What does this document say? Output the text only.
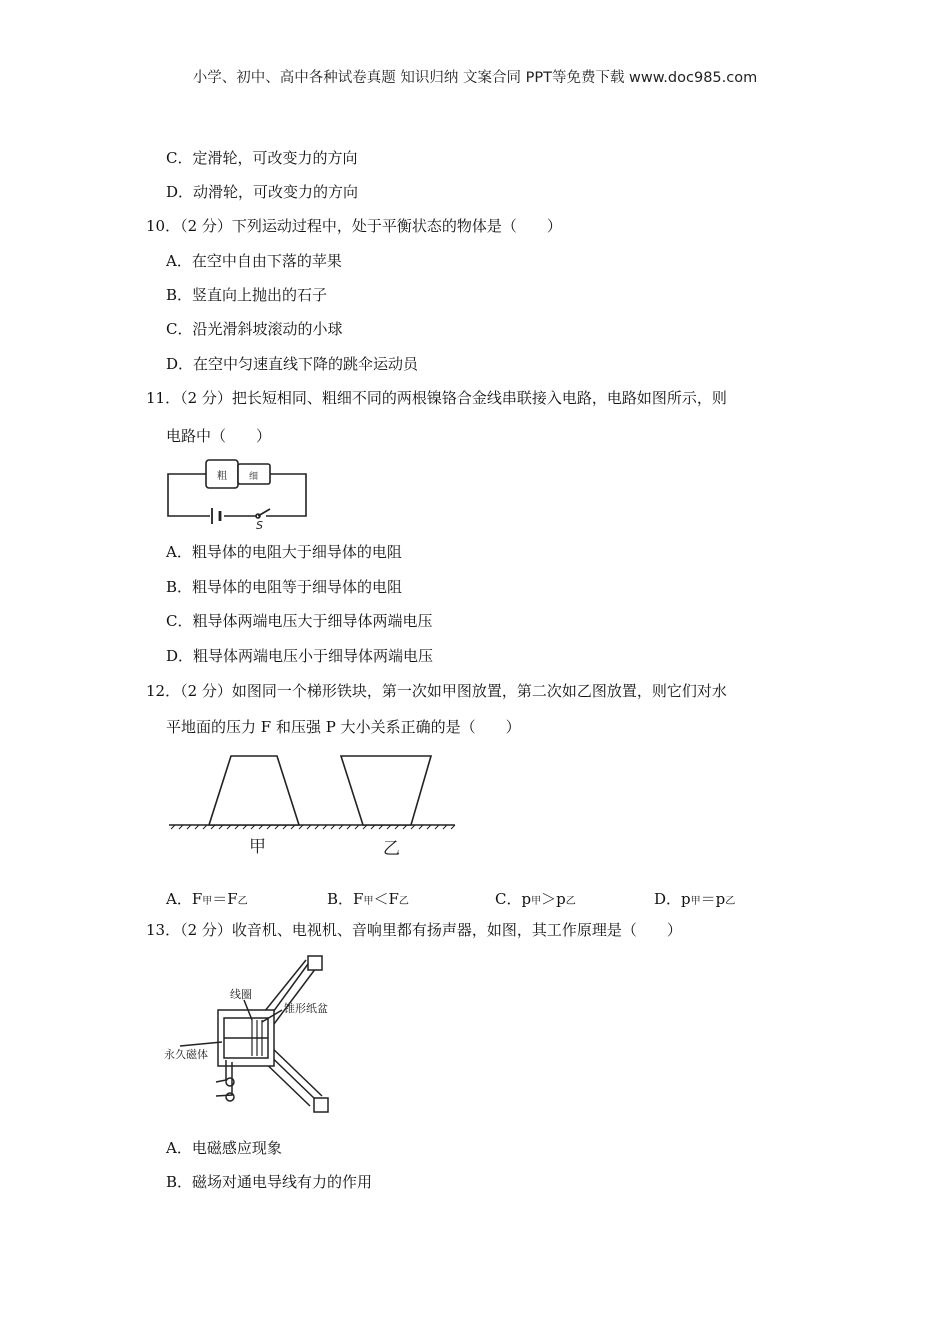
小学、初中、高中各种试卷真题 知识归纳 文案合同 PPT等免费下载 www.doc985.com
C．定滑轮，可改变力的方向
D．动滑轮，可改变力的方向
10．（2 分）下列运动过程中，处于平衡状态的物体是（　　）
A．在空中自由下落的苹果
B．竖直向上抛出的石子
C．沿光滑斜坡滚动的小球
D．在空中匀速直线下降的跳伞运动员
11．（2 分）把长短相同、粗细不同的两根镍铬合金线串联接入电路，电路如图所示，则
电路中（　　）
粗 细
S
A．粗导体的电阻大于细导体的电阻
B．粗导体的电阻等于细导体的电阻
C．粗导体两端电压大于细导体两端电压
D．粗导体两端电压小于细导体两端电压
12．（2 分）如图同一个梯形铁块，第一次如甲图放置，第二次如乙图放置，则它们对水
平地面的压力 F 和压强 P 大小关系正确的是（　　）
甲	乙
A．F甲＝F乙	B．F甲＜F乙	C．p甲＞p乙	D．p甲＝p乙
13．（2 分）收音机、电视机、音响里都有扬声器，如图，其工作原理是（　　）
线圈
锥形纸盆
永久磁体
A．电磁感应现象
B．磁场对通电导线有力的作用
